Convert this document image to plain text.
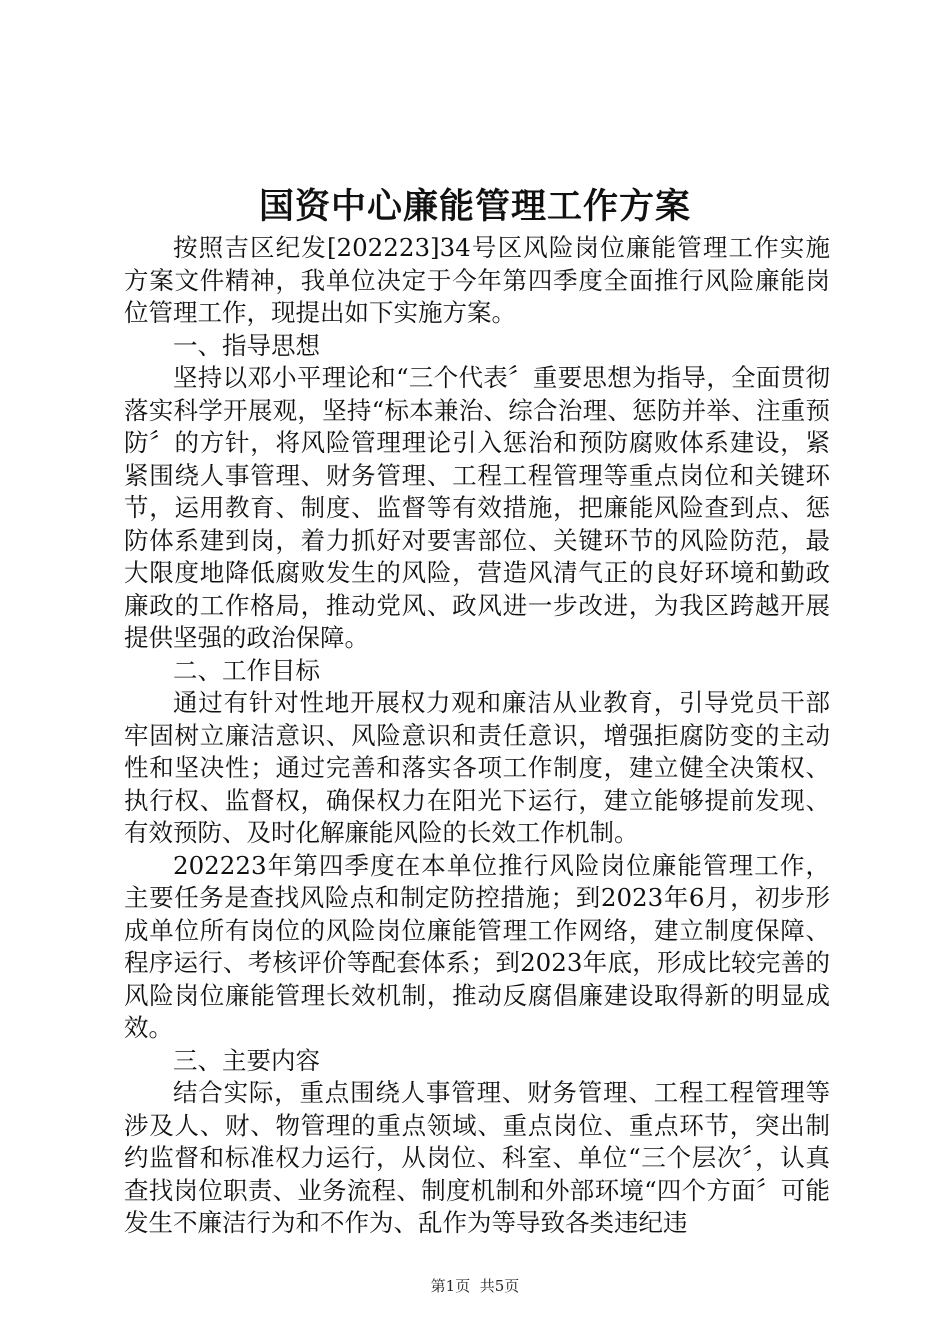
国资中心廉能管理工作方案

按照吉区纪发[202223]34号区风险岗位廉能管理工作实施方案文件精神，我单位决定于今年第四季度全面推行风险廉能岗位管理工作，现提出如下实施方案。

一、指导思想

坚持以邓小平理论和“三个代表〞重要思想为指导，全面贯彻落实科学开展观，坚持“标本兼治、综合治理、惩防并举、注重预防〞的方针，将风险管理理论引入惩治和预防腐败体系建设，紧紧围绕人事管理、财务管理、工程工程管理等重点岗位和关键环节，运用教育、制度、监督等有效措施，把廉能风险查到点、惩防体系建到岗，着力抓好对要害部位、关键环节的风险防范，最大限度地降低腐败发生的风险，营造风清气正的良好环境和勤政廉政的工作格局，推动党风、政风进一步改进，为我区跨越开展提供坚强的政治保障。

二、工作目标

通过有针对性地开展权力观和廉洁从业教育，引导党员干部牢固树立廉洁意识、风险意识和责任意识，增强拒腐防变的主动性和坚决性；通过完善和落实各项工作制度，建立健全决策权、执行权、监督权，确保权力在阳光下运行，建立能够提前发现、有效预防、及时化解廉能风险的长效工作机制。

202223年第四季度在本单位推行风险岗位廉能管理工作，主要任务是查找风险点和制定防控措施；到2023年6月，初步形成单位所有岗位的风险岗位廉能管理工作网络，建立制度保障、程序运行、考核评价等配套体系；到2023年底，形成比较完善的风险岗位廉能管理长效机制，推动反腐倡廉建设取得新的明显成效。

三、主要内容

结合实际，重点围绕人事管理、财务管理、工程工程管理等涉及人、财、物管理的重点领域、重点岗位、重点环节，突出制约监督和标准权力运行，从岗位、科室、单位“三个层次〞，认真查找岗位职责、业务流程、制度机制和外部环境“四个方面〞可能发生不廉洁行为和不作为、乱作为等导致各类违纪违

第1页 共5页
